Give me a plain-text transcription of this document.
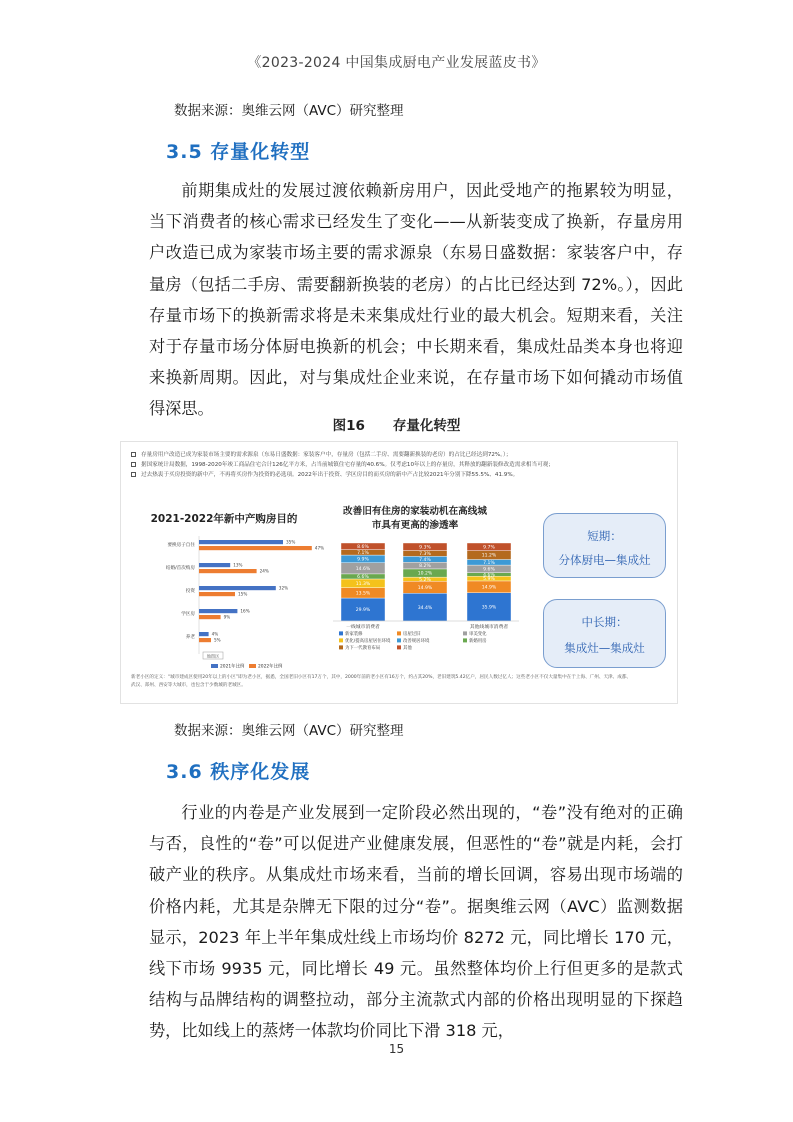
《2023-2024 中国集成厨电产业发展蓝皮书》
数据来源：奥维云网（AVC）研究整理
3.5 存量化转型

前期集成灶的发展过渡依赖新房用户，因此受地产的拖累较为明显，当下消费者的核心需求已经发生了变化——从新装变成了换新，存量房用户改造已成为家装市场主要的需求源泉（东易日盛数据：家装客户中，存量房（包括二手房、需要翻新换装的老房）的占比已经达到 72%。），因此存量市场下的换新需求将是未来集成灶行业的最大机会。短期来看，关注对于存量市场分体厨电换新的机会；中长期来看，集成灶品类本身也将迎来换新周期。因此，对与集成灶企业来说，在存量市场下如何撬动市场值得深思。

图16 存量化转型
存量房用户改造已成为家装市场主要的需求源泉（东易日盛数据：家装客户中，存量房（包括二手房、需要翻新换装的老房）的占比已经达到72%。）；
据国家统计局数据，1998-2020年竣工商品住宅合计126亿平方米，占当前城镇住宅存量的40.6%。仅考虑10年以上的存量房，其释放的翻新装修改造需求相当可观；
过去热衷于买房投资的新中产，不再将买房作为投资的必选项。2022年出于投资、学区房目的而买房的新中产占比较2021年分别下降55.5%、41.9%。
2021-2022年新中产购房目的
要换房子自住
35%
47%
结婚/首次购房
13%
24%
投资
32%
15%
学区房
16%
9%
养老
4%
5%
地图区
2021年比例	2022年比例
改善旧有住房的家装动机在高线城
市具有更高的渗透率
29.9%
13.5%
11.3%
6.6%
14.6%
9.9%
7.1%
8.6%
一线城市消费者
34.4%
14.9%
5.2%
10.2%
8.2%
7.4%
7.3%
9.3%
35.9%
14.9%
5.9%
4.6%
9.6%
7.1%
11.2%
9.7%
其他线城市消费者
新家装修	房屋过旧	审美变化
优化/提高房屋居住环境	改善规居环境	新婚用房
为下一代教育布局	其他
短期：
分体厨电—集成灶
中长期：
集成灶—集成灶
新老小区的定义：“城市建成区使用20年以上的小区”即为老小区，据悉，全国老旧小区有17万个，其中，2000年前的老小区有16万个，约占其20%，老旧建筑5.42亿户，居民人数过亿人；这些老小区不仅大量集中在于上海、广州、天津、成都、
武汉、郑州、西安等大城市，也包含于少数城的老城区。
数据来源：奥维云网（AVC）研究整理
3.6 秩序化发展

行业的内卷是产业发展到一定阶段必然出现的，“卷”没有绝对的正确与否，良性的“卷”可以促进产业健康发展，但恶性的“卷”就是内耗，会打破产业的秩序。从集成灶市场来看，当前的增长回调，容易出现市场端的价格内耗，尤其是杂牌无下限的过分“卷”。据奥维云网（AVC）监测数据显示，2023 年上半年集成灶线上市场均价 8272 元，同比增长 170 元，线下市场 9935 元，同比增长 49 元。虽然整体均价上行但更多的是款式结构与品牌结构的调整拉动，部分主流款式内部的价格出现明显的下探趋势，比如线上的蒸烤一体款均价同比下滑 318 元，

15
